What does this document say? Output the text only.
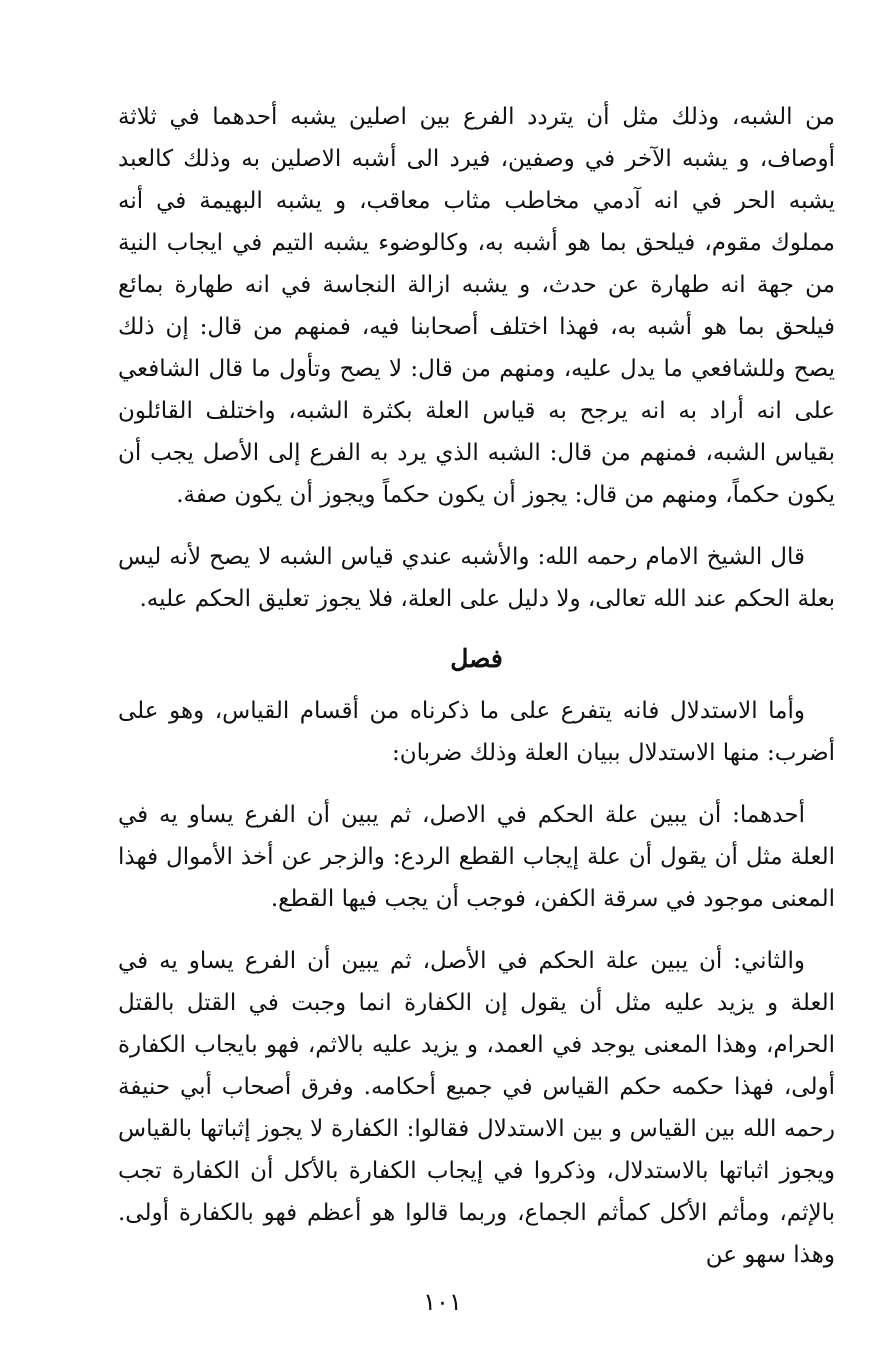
من الشبه، وذلك مثل أن يتردد الفرع بين اصلين يشبه أحدهما في ثلاثة أوصاف، و يشبه الآخر في وصفين، فيرد الى أشبه الاصلين به وذلك كالعبد يشبه الحر في انه آدمي مخاطب مثاب معاقب، و يشبه البهيمة في أنه مملوك مقوم، فيلحق بما هو أشبه به، وكالوضوء يشبه التيم في ايجاب النية من جهة انه طهارة عن حدث، و يشبه ازالة النجاسة في انه طهارة بمائع فيلحق بما هو أشبه به، فهذا اختلف أصحابنا فيه، فمنهم من قال: إن ذلك يصح وللشافعي ما يدل عليه، ومنهم من قال: لا يصح وتأول ما قال الشافعي على انه أراد به انه يرجح به قياس العلة بكثرة الشبه، واختلف القائلون بقياس الشبه، فمنهم من قال: الشبه الذي يرد به الفرع إلى الأصل يجب أن يكون حكماً، ومنهم من قال: يجوز أن يكون حكماً ويجوز أن يكون صفة.

قال الشيخ الامام رحمه الله: والأشبه عندي قياس الشبه لا يصح لأنه ليس بعلة الحكم عند الله تعالى، ولا دليل على العلة، فلا يجوز تعليق الحكم عليه.

فصل

وأما الاستدلال فانه يتفرع على ما ذكرناه من أقسام القياس، وهو على أضرب: منها الاستدلال ببيان العلة وذلك ضربان:

أحدهما: أن يبين علة الحكم في الاصل، ثم يبين أن الفرع يساو يه في العلة مثل أن يقول أن علة إيجاب القطع الردع: والزجر عن أخذ الأموال فهذا المعنى موجود في سرقة الكفن، فوجب أن يجب فيها القطع.

والثاني: أن يبين علة الحكم في الأصل، ثم يبين أن الفرع يساو يه في العلة و يزيد عليه مثل أن يقول إن الكفارة انما وجبت في القتل بالقتل الحرام، وهذا المعنى يوجد في العمد، و يزيد عليه بالاثم، فهو بايجاب الكفارة أولى، فهذا حكمه حكم القياس في جميع أحكامه. وفرق أصحاب أبي حنيفة رحمه الله بين القياس و بين الاستدلال فقالوا: الكفارة لا يجوز إثباتها بالقياس ويجوز اثباتها بالاستدلال، وذكروا في إيجاب الكفارة بالأكل أن الكفارة تجب بالإثم، ومأثم الأكل كمأثم الجماع، وربما قالوا هو أعظم فهو بالكفارة أولى. وهذا سهو عن

١٠١
